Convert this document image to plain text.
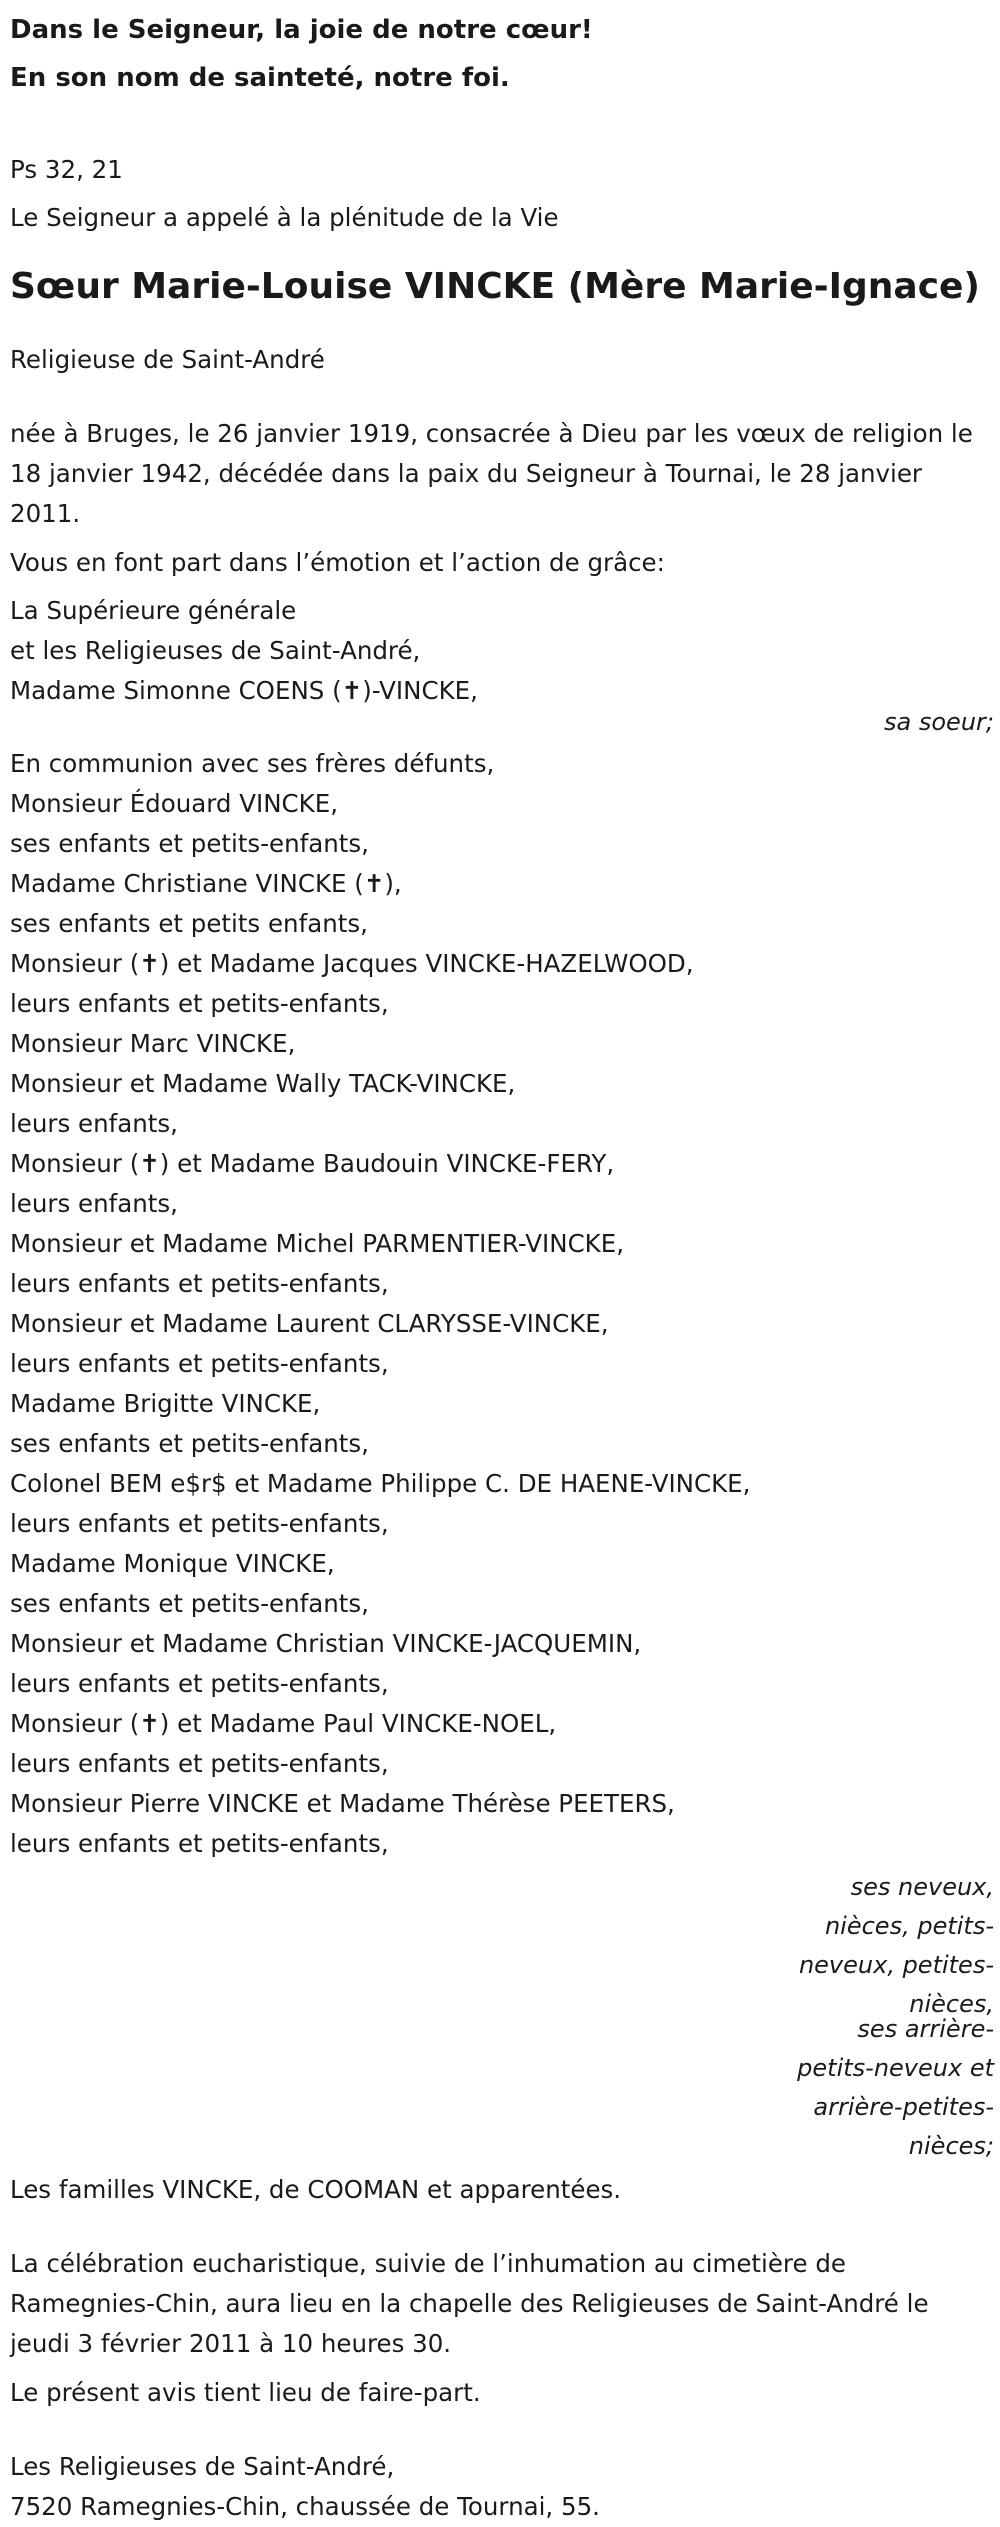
Dans le Seigneur, la joie de notre cœur!
En son nom de sainteté, notre foi.
Ps 32, 21
Le Seigneur a appelé à la plénitude de la Vie
Sœur Marie-Louise VINCKE (Mère Marie-Ignace)
Religieuse de Saint-André
née à Bruges, le 26 janvier 1919, consacrée à Dieu par les vœux de religion le 18 janvier 1942, décédée dans la paix du Seigneur à Tournai, le 28 janvier 2011.
Vous en font part dans l’émotion et l’action de grâce:
La Supérieure générale
et les Religieuses de Saint-André,
Madame Simonne COENS (✝)-VINCKE,
sa soeur;
En communion avec ses frères défunts,
Monsieur Édouard VINCKE,
ses enfants et petits-enfants,
Madame Christiane VINCKE (✝),
ses enfants et petits enfants,
Monsieur (✝) et Madame Jacques VINCKE-HAZELWOOD,
leurs enfants et petits-enfants,
Monsieur Marc VINCKE,
Monsieur et Madame Wally TACK-VINCKE,
leurs enfants,
Monsieur (✝) et Madame Baudouin VINCKE-FERY,
leurs enfants,
Monsieur et Madame Michel PARMENTIER-VINCKE,
leurs enfants et petits-enfants,
Monsieur et Madame Laurent CLARYSSE-VINCKE,
leurs enfants et petits-enfants,
Madame Brigitte VINCKE,
ses enfants et petits-enfants,
Colonel BEM e$r$ et Madame Philippe C. DE HAENE-VINCKE,
leurs enfants et petits-enfants,
Madame Monique VINCKE,
ses enfants et petits-enfants,
Monsieur et Madame Christian VINCKE-JACQUEMIN,
leurs enfants et petits-enfants,
Monsieur (✝) et Madame Paul VINCKE-NOEL,
leurs enfants et petits-enfants,
Monsieur Pierre VINCKE et Madame Thérèse PEETERS,
leurs enfants et petits-enfants,
ses neveux, nièces, petits-neveux, petites-nièces,
ses arrière-petits-neveux et arrière-petites-nièces;
Les familles VINCKE, de COOMAN et apparentées.
La célébration eucharistique, suivie de l’inhumation au cimetière de Ramegnies-Chin, aura lieu en la chapelle des Religieuses de Saint-André le jeudi 3 février 2011 à 10 heures 30.
Le présent avis tient lieu de faire-part.
Les Religieuses de Saint-André,
7520 Ramegnies-Chin, chaussée de Tournai, 55.
